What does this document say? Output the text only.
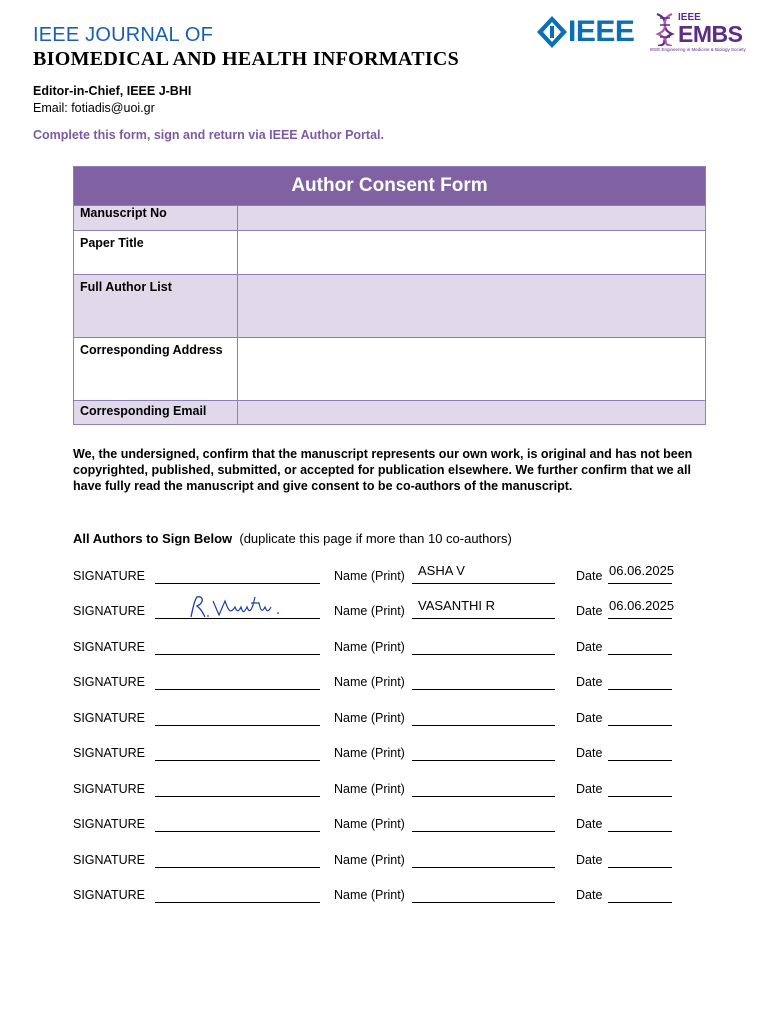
IEEE JOURNAL OF
BIOMEDICAL AND HEALTH INFORMATICS
Editor-in-Chief, IEEE J-BHI
Email: fotiadis@uoi.gr
Complete this form, sign and return via IEEE Author Portal.
IEEE	IEEE
EMBS
IEEE Engineering in Medicine & Biology Society
Author Consent Form
Manuscript No
Paper Title
Full Author List
Corresponding Address
Corresponding Email
We, the undersigned, confirm that the manuscript represents our own work, is original and has not been copyrighted, published, submitted, or accepted for publication elsewhere. We further confirm that we all have fully read the manuscript and give consent to be co-authors of the manuscript.
All Authors to Sign Below (duplicate this page if more than 10 co-authors)
SIGNATURE	Name (Print) ASHA V	Date 06.06.2025
SIGNATURE	Name (Print) VASANTHI R	Date 06.06.2025
SIGNATURE	Name (Print)	Date
SIGNATURE	Name (Print)	Date
SIGNATURE	Name (Print)	Date
SIGNATURE	Name (Print)	Date
SIGNATURE	Name (Print)	Date
SIGNATURE	Name (Print)	Date
SIGNATURE	Name (Print)	Date
SIGNATURE	Name (Print)	Date
